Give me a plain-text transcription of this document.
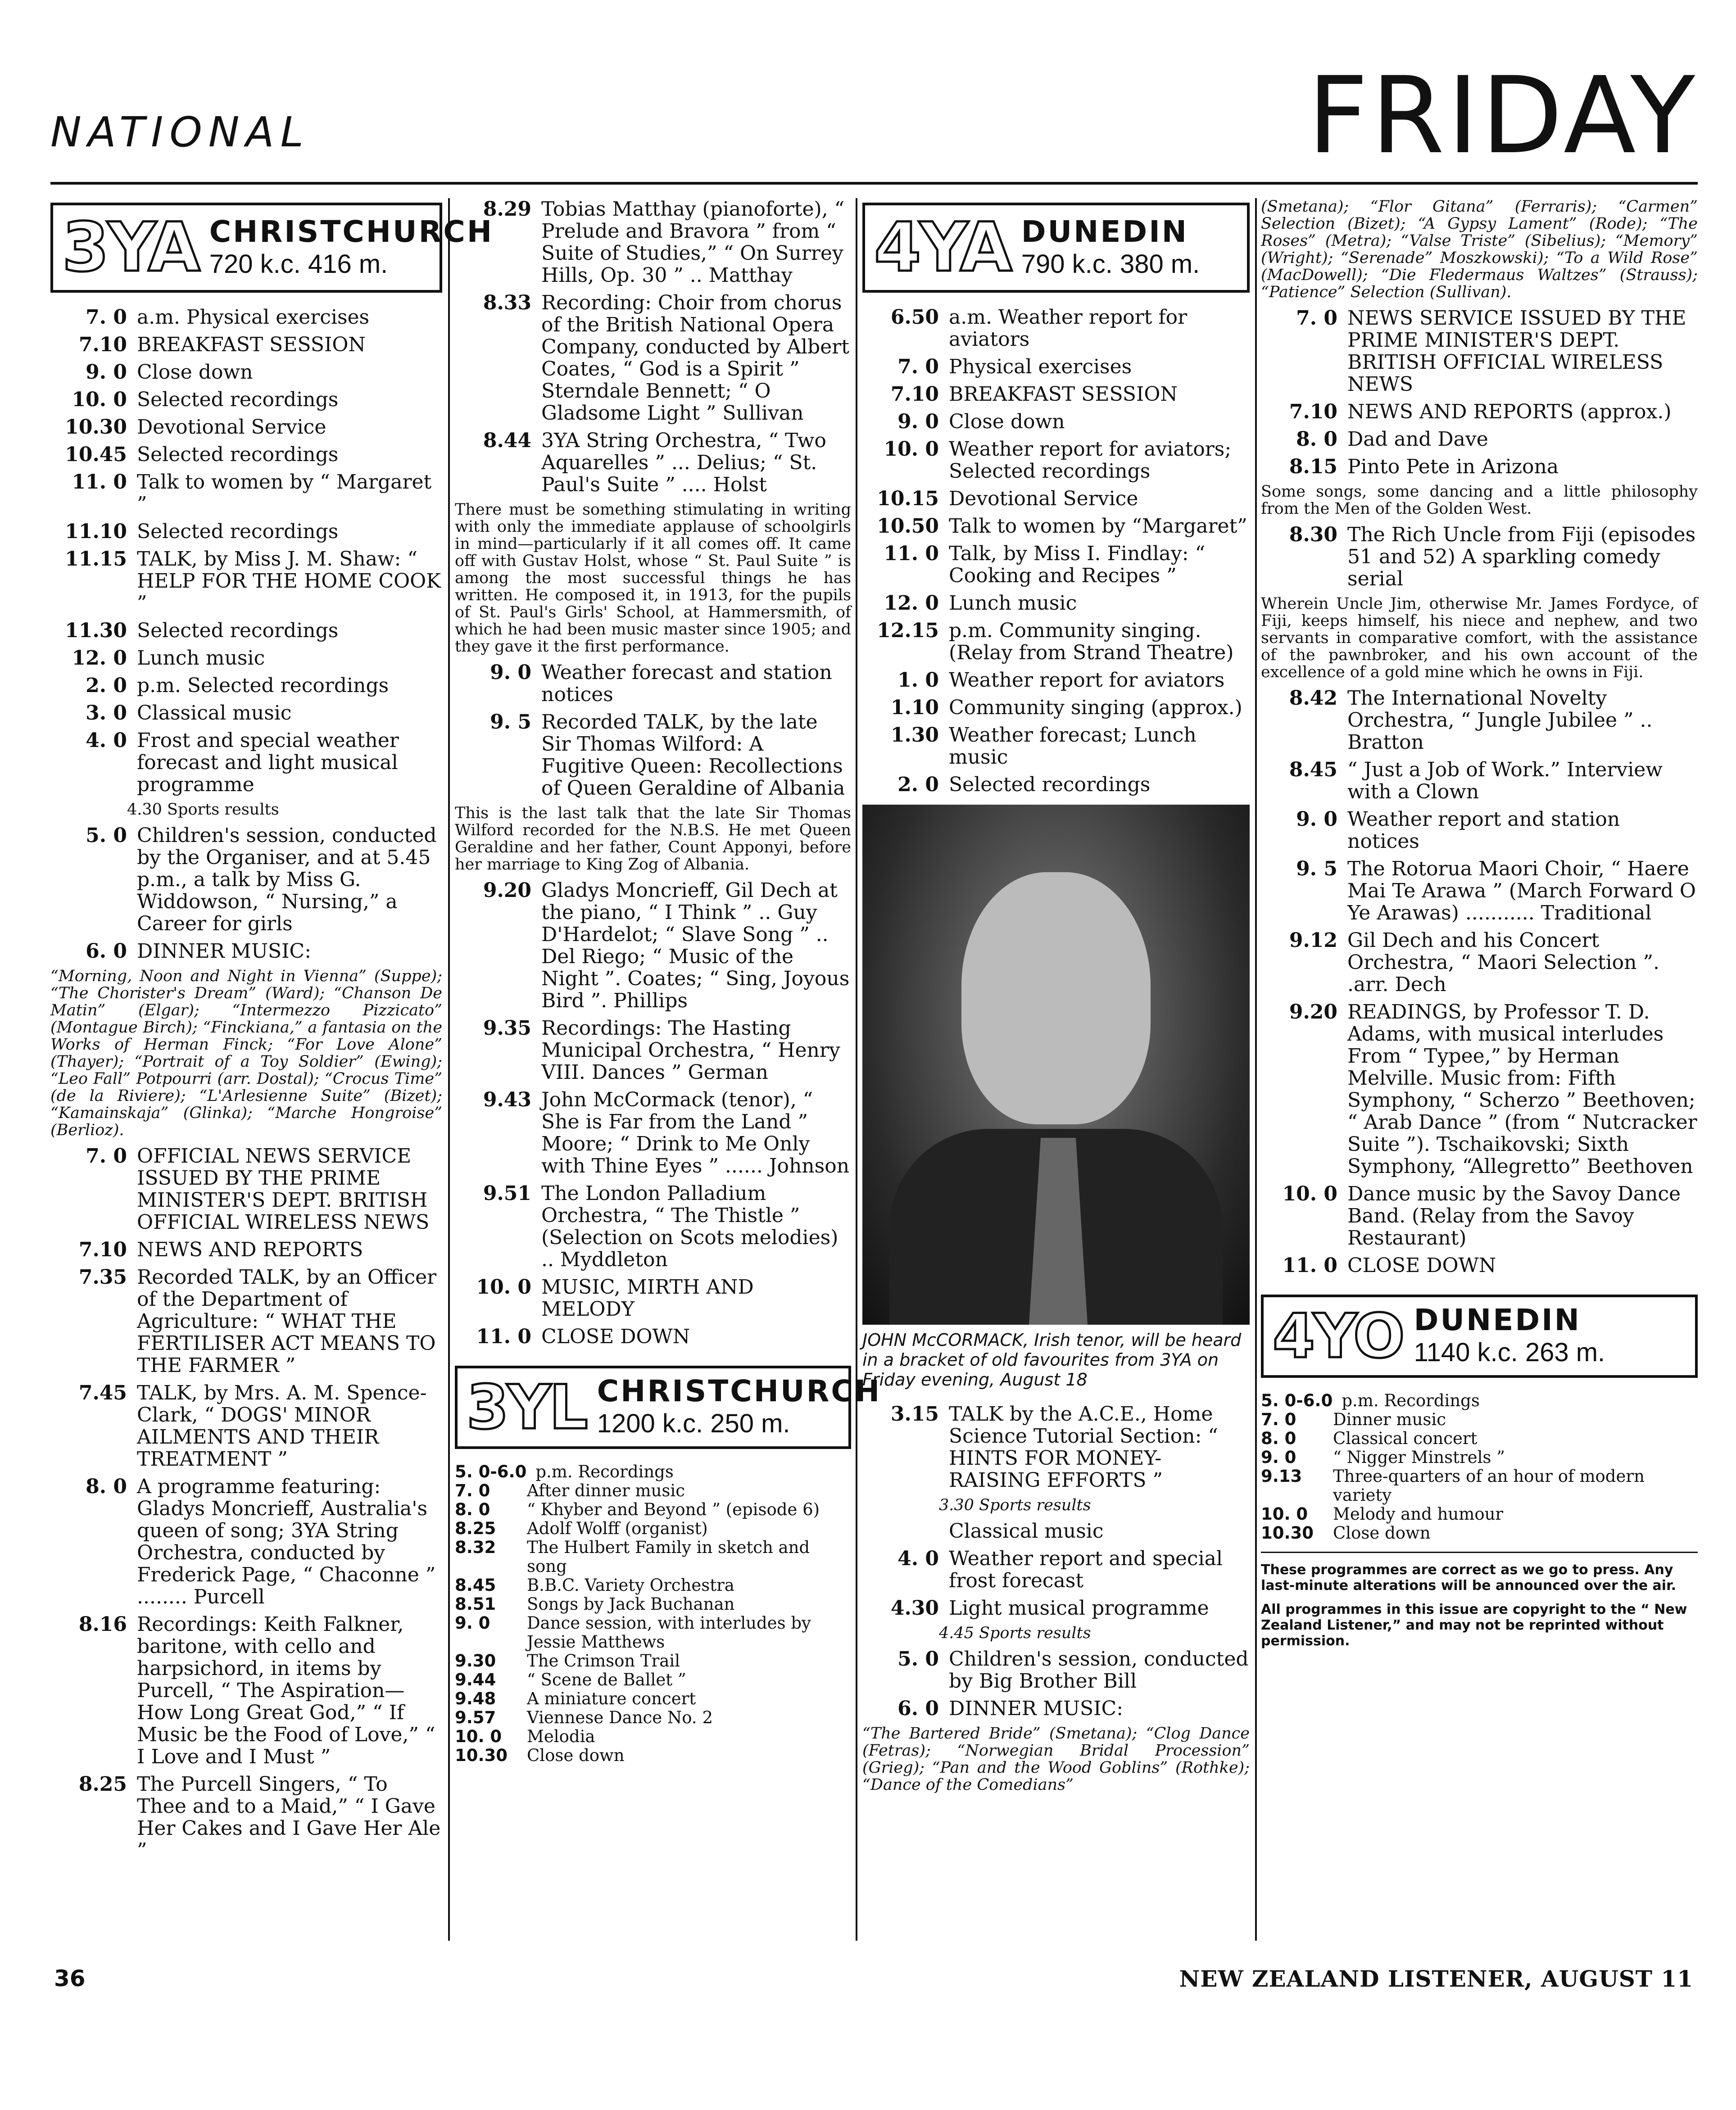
NATIONAL	FRIDAY
3YA CHRISTCHURCH
720 k.c. 416 m.
7. 0 a.m. Physical exercises
7.10 BREAKFAST SESSION
9. 0 Close down
10. 0 Selected recordings
10.30 Devotional Service
10.45 Selected recordings
11. 0 Talk to women by “ Margaret ”
11.10 Selected recordings
11.15 TALK, by Miss J. M. Shaw: “ HELP FOR THE HOME COOK ”
11.30 Selected recordings
12. 0 Lunch music
2. 0 p.m. Selected recordings
3. 0 Classical music
4. 0 Frost and special weather forecast and light musical programme
4.30 Sports results
5. 0 Children's session, conducted by the Organiser, and at 5.45 p.m., a talk by Miss G. Widdowson, “ Nursing,” a Career for girls
6. 0 DINNER MUSIC:
“Morning, Noon and Night in Vienna” (Suppe); “The Chorister's Dream” (Ward); “Chanson De Matin” (Elgar); “Intermezzo Pizzicato” (Montague Birch); “Finckiana,” a fantasia on the Works of Herman Finck; “For Love Alone” (Thayer); “Portrait of a Toy Soldier” (Ewing); “Leo Fall” Potpourri (arr. Dostal); “Crocus Time” (de la Riviere); “L'Arlesienne Suite” (Bizet); “Kamainskaja” (Glinka); “Marche Hongroise” (Berlioz).
7. 0 OFFICIAL NEWS SERVICE ISSUED BY THE PRIME MINISTER'S DEPT. BRITISH OFFICIAL WIRELESS NEWS
7.10 NEWS AND REPORTS
7.35 Recorded TALK, by an Officer of the Department of Agriculture: “ WHAT THE FERTILISER ACT MEANS TO THE FARMER ”
7.45 TALK, by Mrs. A. M. Spence-Clark, “ DOGS' MINOR AILMENTS AND THEIR TREATMENT ”
8. 0 A programme featuring: Gladys Moncrieff, Australia's queen of song; 3YA String Orchestra, conducted by Frederick Page, “ Chaconne ” ........ Purcell
8.16 Recordings: Keith Falkner, baritone, with cello and harpsichord, in items by Purcell, “ The Aspiration—How Long Great God,” “ If Music be the Food of Love,” “ I Love and I Must ”
8.25 The Purcell Singers, “ To Thee and to a Maid,” “ I Gave Her Cakes and I Gave Her Ale ”
8.29 Tobias Matthay (pianoforte), “ Prelude and Bravora ” from “ Suite of Studies,” “ On Surrey Hills, Op. 30 ” .. Matthay
8.33 Recording: Choir from chorus of the British National Opera Company, conducted by Albert Coates, “ God is a Spirit ” Sterndale Bennett; “ O Gladsome Light ” Sullivan
8.44 3YA String Orchestra, “ Two Aquarelles ” ... Delius; “ St. Paul's Suite ” .... Holst
There must be something stimulating in writing with only the immediate applause of schoolgirls in mind—particularly if it all comes off. It came off with Gustav Holst, whose “ St. Paul Suite ” is among the most successful things he has written. He composed it, in 1913, for the pupils of St. Paul's Girls' School, at Hammersmith, of which he had been music master since 1905; and they gave it the first performance.
9. 0 Weather forecast and station notices
9. 5 Recorded TALK, by the late Sir Thomas Wilford: A Fugitive Queen: Recollections of Queen Geraldine of Albania
This is the last talk that the late Sir Thomas Wilford recorded for the N.B.S. He met Queen Geraldine and her father, Count Apponyi, before her marriage to King Zog of Albania.
9.20 Gladys Moncrieff, Gil Dech at the piano, “ I Think ” .. Guy D'Hardelot; “ Slave Song ” .. Del Riego; “ Music of the Night ”. Coates; “ Sing, Joyous Bird ”. Phillips
9.35 Recordings: The Hasting Municipal Orchestra, “ Henry VIII. Dances ” German
9.43 John McCormack (tenor), “ She is Far from the Land ” Moore; “ Drink to Me Only with Thine Eyes ” ...... Johnson
9.51 The London Palladium Orchestra, “ The Thistle ” (Selection on Scots melodies) .. Myddleton
10. 0 MUSIC, MIRTH AND MELODY
11. 0 CLOSE DOWN
3YL CHRISTCHURCH
1200 k.c. 250 m.
5. 0-6.0 p.m. Recordings
7. 0	After dinner music
8. 0	“ Khyber and Beyond ” (episode 6)
8.25	Adolf Wolff (organist)
8.32	The Hulbert Family in sketch and song
8.45	B.B.C. Variety Orchestra
8.51	Songs by Jack Buchanan
9. 0	Dance session, with interludes by Jessie Matthews
9.30	The Crimson Trail
9.44	“ Scene de Ballet ”
9.48	A miniature concert
9.57	Viennese Dance No. 2
10. 0	Melodia
10.30	Close down
4YA DUNEDIN
790 k.c. 380 m.
6.50 a.m. Weather report for aviators
7. 0 Physical exercises
7.10 BREAKFAST SESSION
9. 0 Close down
10. 0 Weather report for aviators; Selected recordings
10.15 Devotional Service
10.50 Talk to women by “Margaret”
11. 0 Talk, by Miss I. Findlay: “ Cooking and Recipes ”
12. 0 Lunch music
12.15 p.m. Community singing. (Relay from Strand Theatre)
1. 0 Weather report for aviators
1.10 Community singing (approx.)
1.30 Weather forecast; Lunch music
2. 0 Selected recordings
JOHN McCORMACK, Irish tenor, will be heard in a bracket of old favourites from 3YA on Friday evening, August 18
3.15 TALK by the A.C.E., Home Science Tutorial Section: “ HINTS FOR MONEY-RAISING EFFORTS ”
3.30 Sports results
Classical music
4. 0 Weather report and special frost forecast
4.30 Light musical programme
4.45 Sports results
5. 0 Children's session, conducted by Big Brother Bill
6. 0 DINNER MUSIC:
“The Bartered Bride” (Smetana); “Clog Dance (Fetras); “Norwegian Bridal Procession” (Grieg); “Pan and the Wood Goblins” (Rothke); “Dance of the Comedians”
(Smetana); “Flor Gitana” (Ferraris); “Carmen” Selection (Bizet); “A Gypsy Lament” (Rode); “The Roses” (Metra); “Valse Triste” (Sibelius); “Memory” (Wright); “Serenade” Moszkowski); “To a Wild Rose” (MacDowell); “Die Fledermaus Waltzes” (Strauss); “Patience” Selection (Sullivan).
7. 0 NEWS SERVICE ISSUED BY THE PRIME MINISTER'S DEPT. BRITISH OFFICIAL WIRELESS NEWS
7.10 NEWS AND REPORTS (approx.)
8. 0 Dad and Dave
8.15 Pinto Pete in Arizona
Some songs, some dancing and a little philosophy from the Men of the Golden West.
8.30 The Rich Uncle from Fiji (episodes 51 and 52) A sparkling comedy serial
Wherein Uncle Jim, otherwise Mr. James Fordyce, of Fiji, keeps himself, his niece and nephew, and two servants in comparative comfort, with the assistance of the pawnbroker, and his own account of the excellence of a gold mine which he owns in Fiji.
8.42 The International Novelty Orchestra, “ Jungle Jubilee ” .. Bratton
8.45 “ Just a Job of Work.” Interview with a Clown
9. 0 Weather report and station notices
9. 5 The Rotorua Maori Choir, “ Haere Mai Te Arawa ” (March Forward O Ye Arawas) ........... Traditional
9.12 Gil Dech and his Concert Orchestra, “ Maori Selection ”. .arr. Dech
9.20 READINGS, by Professor T. D. Adams, with musical interludes From “ Typee,” by Herman Melville. Music from: Fifth Symphony, “ Scherzo ” Beethoven; “ Arab Dance ” (from “ Nutcracker Suite ”). Tschaikovski; Sixth Symphony, “Allegretto” Beethoven
10. 0 Dance music by the Savoy Dance Band. (Relay from the Savoy Restaurant)
11. 0 CLOSE DOWN
4YO DUNEDIN
1140 k.c. 263 m.
5. 0-6.0 p.m. Recordings
7. 0	Dinner music
8. 0	Classical concert
9. 0	“ Nigger Minstrels ”
9.13	Three-quarters of an hour of modern variety
10. 0	Melody and humour
10.30	Close down
These programmes are correct as we go to press. Any last-minute alterations will be announced over the air.
All programmes in this issue are copyright to the “ New Zealand Listener,” and may not be reprinted without permission.
36	NEW ZEALAND LISTENER, AUGUST 11
